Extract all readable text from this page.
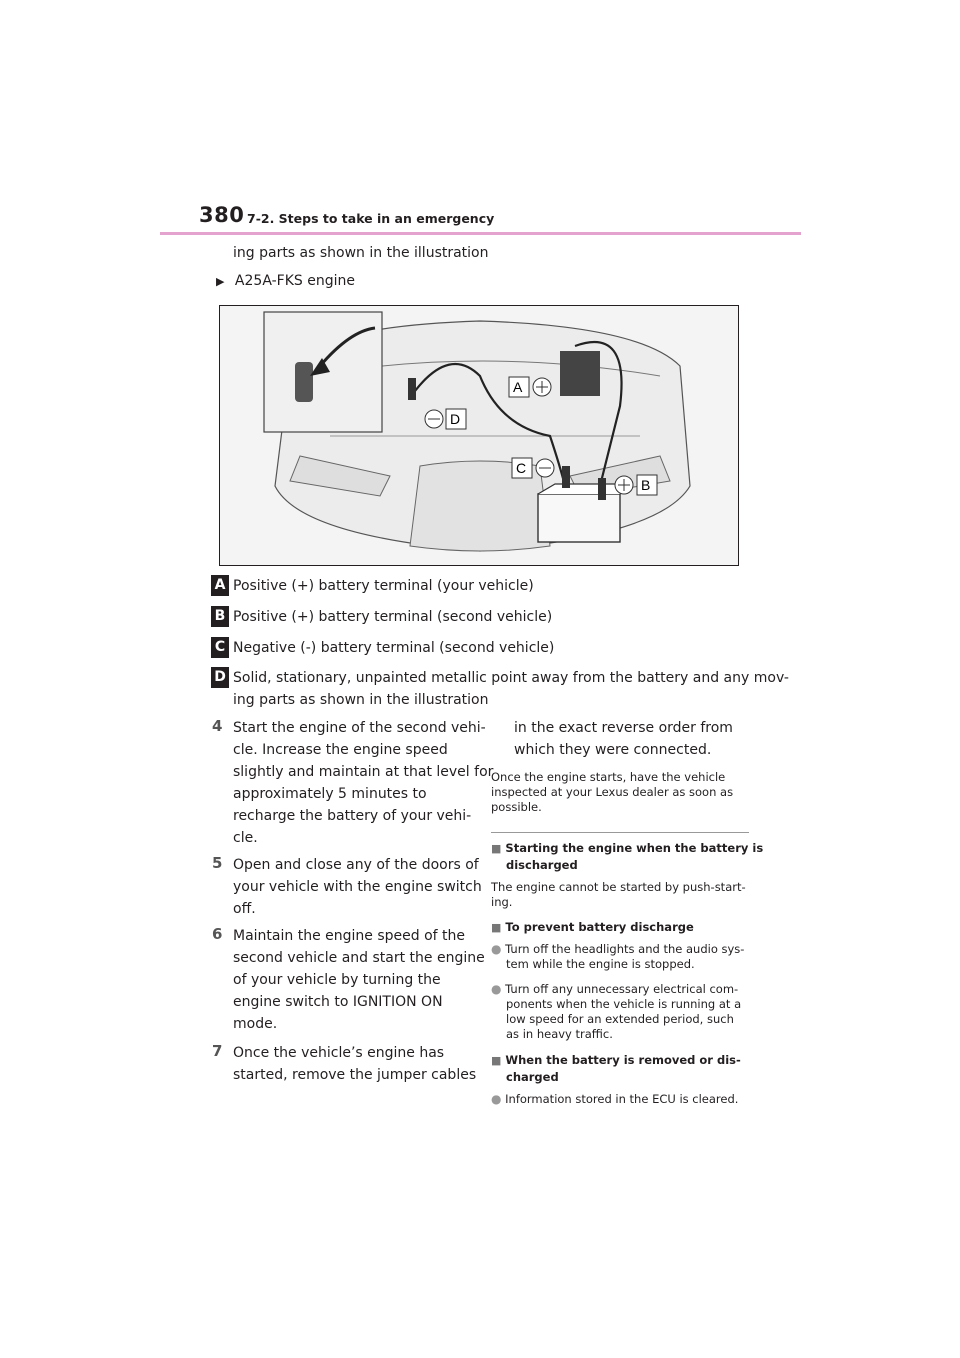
380 7-2. Steps to take in an emergency
ing parts as shown in the illustration
▶ A25A-FKS engine
A
D
C
B
A Positive (+) battery terminal (your vehicle)
B Positive (+) battery terminal (second vehicle)
C Negative (-) battery terminal (second vehicle)
D Solid, stationary, unpainted metallic point away from the battery and any mov-
ing parts as shown in the illustration
4 Start the engine of the second vehi-
cle. Increase the engine speed
slightly and maintain at that level for
approximately 5 minutes to
recharge the battery of your vehi-
cle.
5 Open and close any of the doors of
your vehicle with the engine switch
off.
6 Maintain the engine speed of the
second vehicle and start the engine
of your vehicle by turning the
engine switch to IGNITION ON
mode.
7 Once the vehicle’s engine has
started, remove the jumper cables
in the exact reverse order from
which they were connected.
Once the engine starts, have the vehicle
inspected at your Lexus dealer as soon as
possible.
■ Starting the engine when the battery is
discharged
The engine cannot be started by push-start-
ing.
■ To prevent battery discharge
● Turn off the headlights and the audio sys-
tem while the engine is stopped.
● Turn off any unnecessary electrical com-
ponents when the vehicle is running at a
low speed for an extended period, such
as in heavy traffic.
■ When the battery is removed or dis-
charged
● Information stored in the ECU is cleared.
